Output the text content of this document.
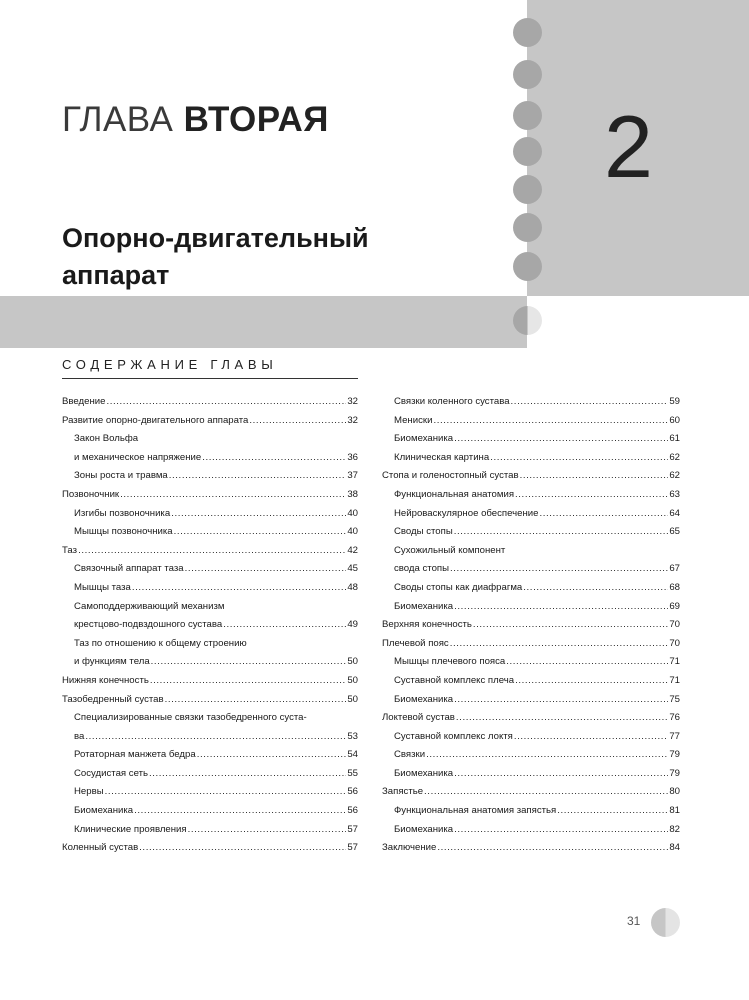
ГЛАВА ВТОРАЯ	2
Опорно-двигательный
аппарат
СОДЕРЖАНИЕ ГЛАВЫ
Введение .....	32
Развитие опорно-двигательного аппарата .....	32
Закон Вольфа
и механическое напряжение .....	36
Зоны роста и травма .....	37
Позвоночник .....	38
Изгибы позвоночника .....	40
Мышцы позвоночника .....	40
Таз .....	42
Связочный аппарат таза .....	45
Мышцы таза .....	48
Самоподдерживающий механизм
крестцово-подвздошного сустава .....	49
Таз по отношению к общему строению
и функциям тела .....	50
Нижняя конечность .....	50
Тазобедренный сустав .....	50
Специализированные связки тазобедренного суста-
ва .....	53
Ротаторная манжета бедра .....	54
Сосудистая сеть .....	55
Нервы .....	56
Биомеханика .....	56
Клинические проявления .....	57
Коленный сустав .....	57
Связки коленного сустава .....	59
Мениски .....	60
Биомеханика .....	61
Клиническая картина .....	62
Стопа и голеностопный сустав .....	62
Функциональная анатомия .....	63
Нейроваскулярное обеспечение .....	64
Своды стопы .....	65
Сухожильный компонент
свода стопы .....	67
Своды стопы как диафрагма .....	68
Биомеханика .....	69
Верхняя конечность .....	70
Плечевой пояс .....	70
Мышцы плечевого пояса .....	71
Суставной комплекс плеча .....	71
Биомеханика .....	75
Локтевой сустав .....	76
Суставной комплекс локтя .....	77
Связки .....	79
Биомеханика .....	79
Запястье .....	80
Функциональная анатомия запястья .....	81
Биомеханика .....	82
Заключение .....	84
31
